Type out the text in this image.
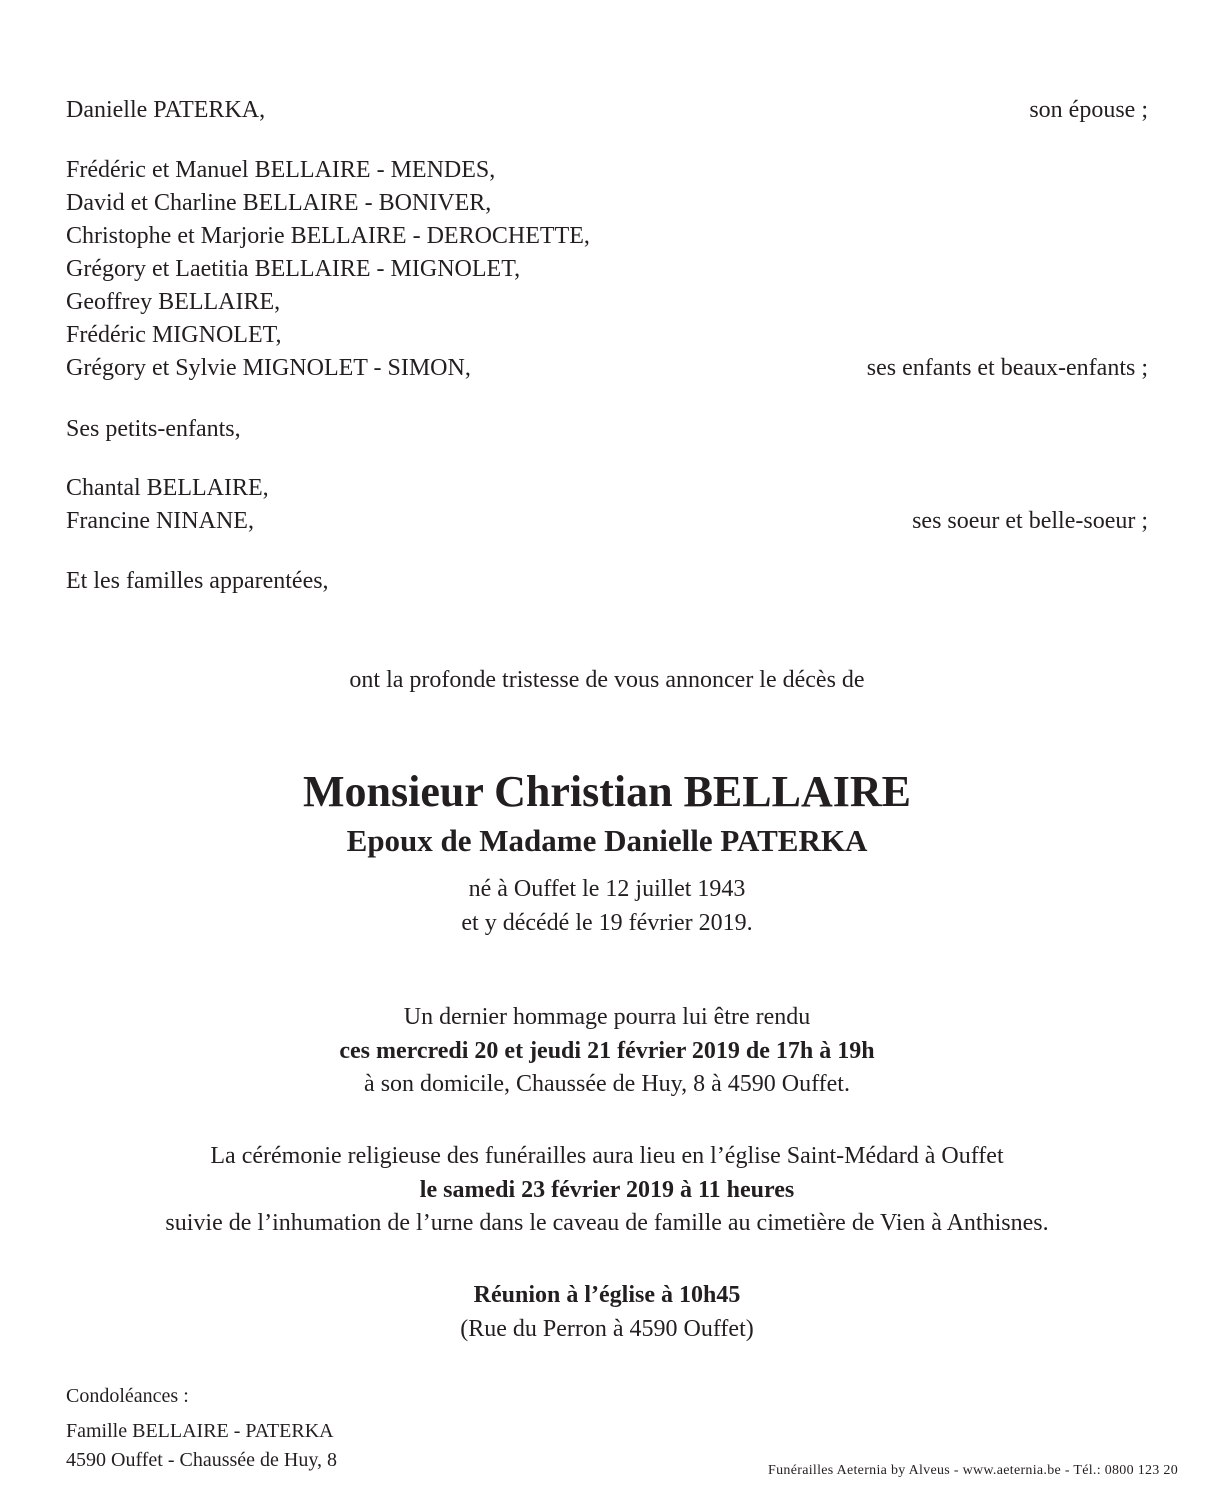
Danielle PATERKA,	son épouse ;
Frédéric et Manuel BELLAIRE - MENDES,
David et Charline BELLAIRE - BONIVER,
Christophe et Marjorie BELLAIRE - DEROCHETTE,
Grégory et Laetitia BELLAIRE - MIGNOLET,
Geoffrey BELLAIRE,
Frédéric MIGNOLET,
Grégory et Sylvie MIGNOLET - SIMON,	ses enfants et beaux-enfants ;
Ses petits-enfants,
Chantal BELLAIRE,
Francine NINANE,	ses soeur et belle-soeur ;
Et les familles apparentées,
ont la profonde tristesse de vous annoncer le décès de
Monsieur Christian BELLAIRE
Epoux de Madame Danielle PATERKA
né à Ouffet le 12 juillet 1943
et y décédé le 19 février 2019.
Un dernier hommage pourra lui être rendu
ces mercredi 20 et jeudi 21 février 2019 de 17h à 19h
à son domicile, Chaussée de Huy, 8 à 4590 Ouffet.
La cérémonie religieuse des funérailles aura lieu en l’église Saint-Médard à Ouffet
le samedi 23 février 2019 à 11 heures
suivie de l’inhumation de l’urne dans le caveau de famille au cimetière de Vien à Anthisnes.
Réunion à l’église à 10h45
(Rue du Perron à 4590 Ouffet)
Condoléances :
Famille BELLAIRE - PATERKA
4590 Ouffet - Chaussée de Huy, 8	Funérailles Aeternia by Alveus - www.aeternia.be - Tél.: 0800 123 20
